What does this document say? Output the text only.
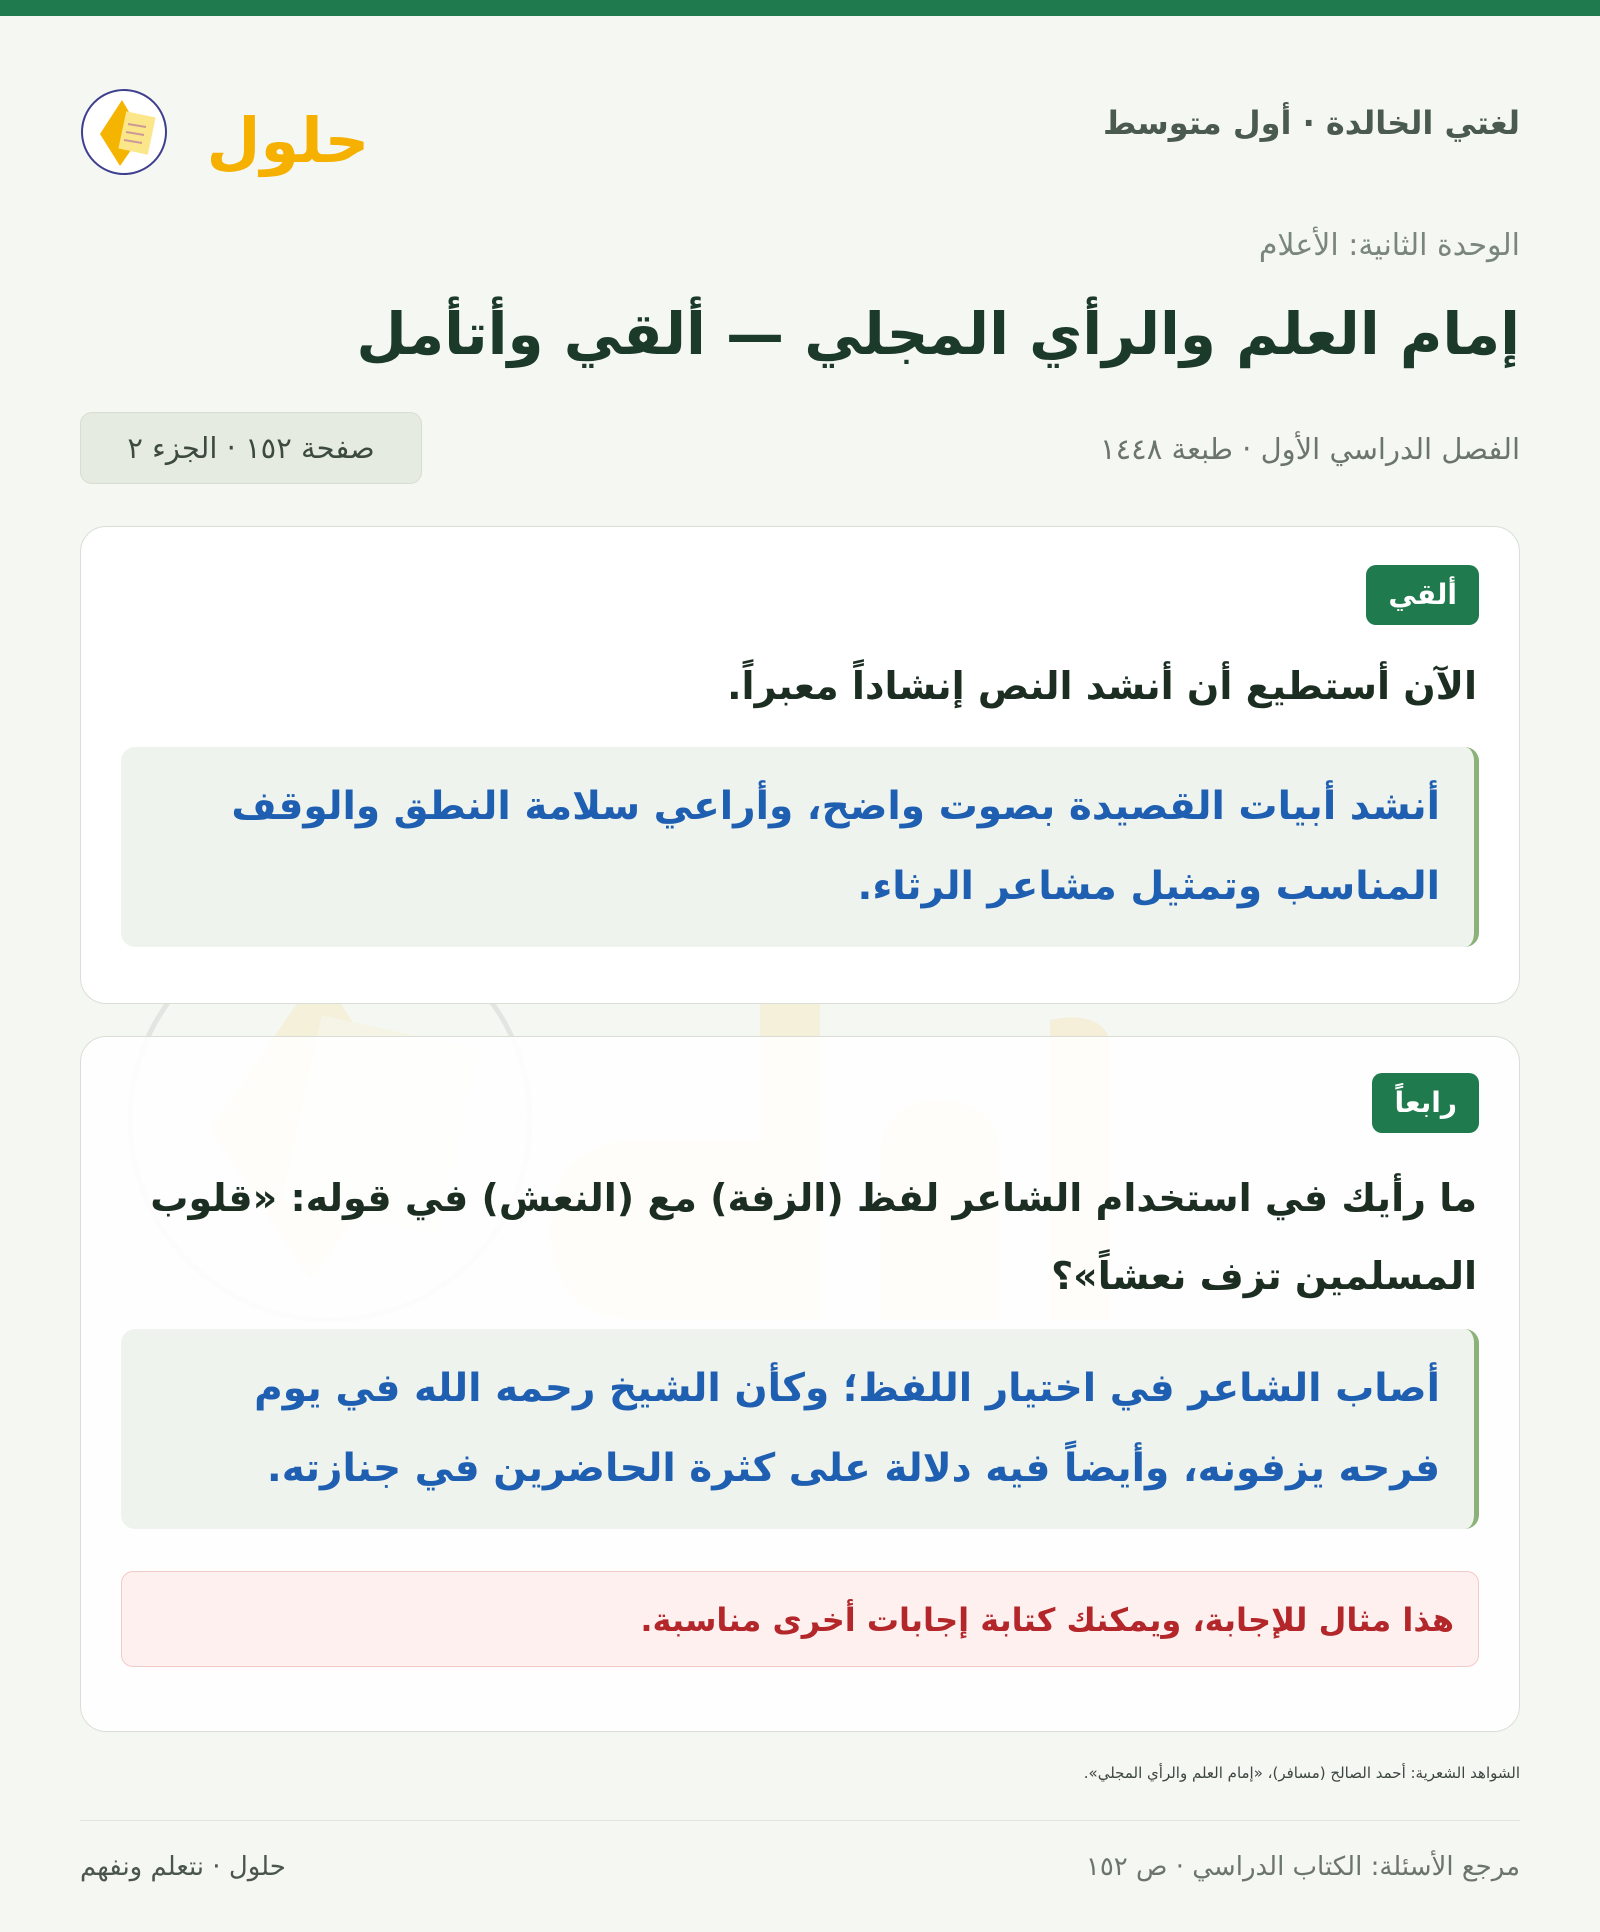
لغتي الخالدة · أول متوسط
حلول
الوحدة الثانية: الأعلام
إمام العلم والرأي المجلي — ألقي وأتأمل
الفصل الدراسي الأول · طبعة ١٤٤٨
صفحة ١٥٢ · الجزء ٢
ألقي
الآن أستطيع أن أنشد النص إنشاداً معبراً.
أنشد أبيات القصيدة بصوت واضح، وأراعي سلامة النطق والوقف المناسب وتمثيل مشاعر الرثاء.
رابعاً
ما رأيك في استخدام الشاعر لفظ (الزفة) مع (النعش) في قوله: «قلوب المسلمين تزف نعشاً»؟
أصاب الشاعر في اختيار اللفظ؛ وكأن الشيخ رحمه الله في يوم فرحه يزفونه، وأيضاً فيه دلالة على كثرة الحاضرين في جنازته.
هذا مثال للإجابة، ويمكنك كتابة إجابات أخرى مناسبة.
الشواهد الشعرية: أحمد الصالح (مسافر)، «إمام العلم والرأي المجلي».
مرجع الأسئلة: الكتاب الدراسي · ص ١٥٢
حلول · نتعلم ونفهم
